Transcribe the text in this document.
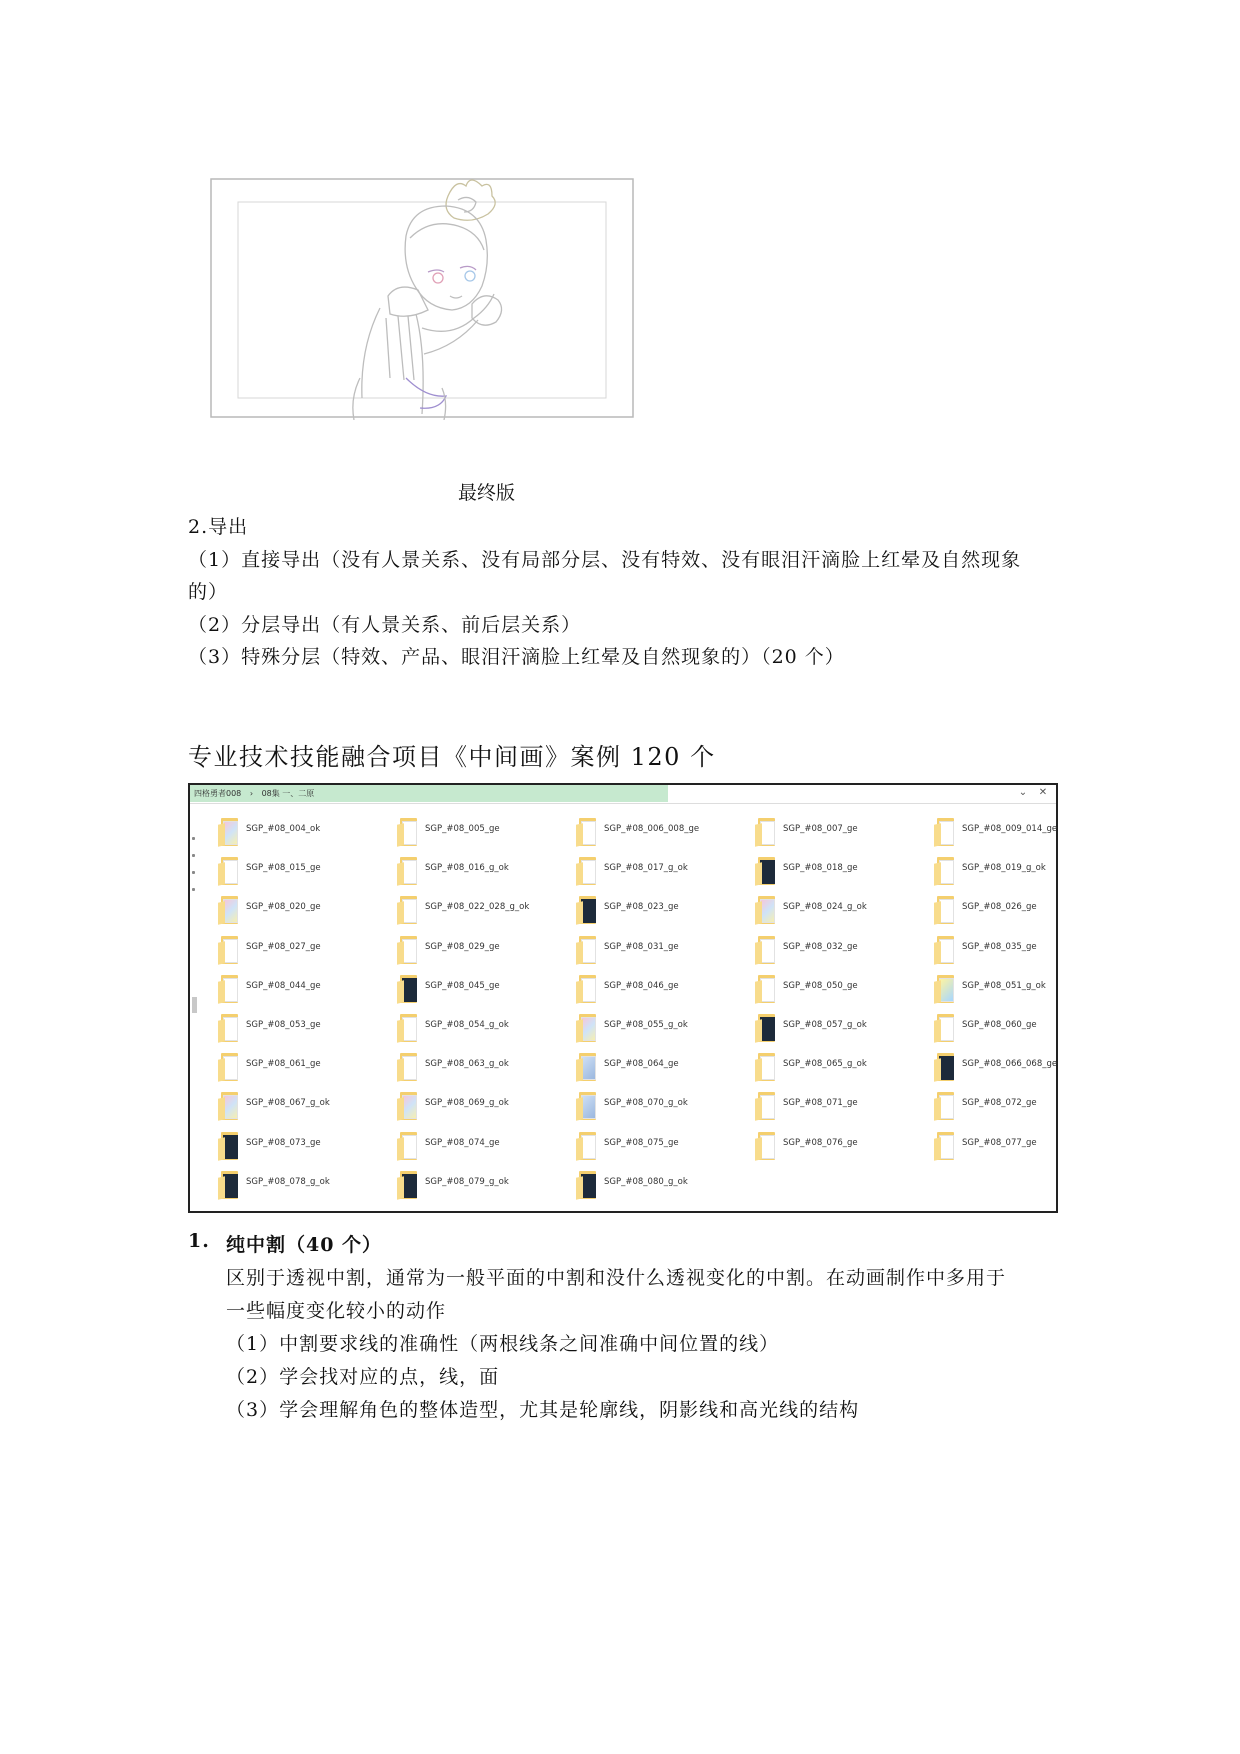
最终版
2.导出
（1）直接导出（没有人景关系、没有局部分层、没有特效、没有眼泪汗滴脸上红晕及自然现象
的）
（2）分层导出（有人景关系、前后层关系）
（3）特殊分层（特效、产品、眼泪汗滴脸上红晕及自然现象的）（20 个）
专业技术技能融合项目《中间画》案例 120 个
四格勇者008 › 08集 一、二原	⌄ ✕
SGP_#08_004_ok	SGP_#08_005_ge	SGP_#08_006_008_ge	SGP_#08_007_ge	SGP_#08_009_014_ge
SGP_#08_015_ge	SGP_#08_016_g_ok	SGP_#08_017_g_ok	SGP_#08_018_ge	SGP_#08_019_g_ok
SGP_#08_020_ge	SGP_#08_022_028_g_ok	SGP_#08_023_ge	SGP_#08_024_g_ok	SGP_#08_026_ge
SGP_#08_027_ge	SGP_#08_029_ge	SGP_#08_031_ge	SGP_#08_032_ge	SGP_#08_035_ge
SGP_#08_044_ge	SGP_#08_045_ge	SGP_#08_046_ge	SGP_#08_050_ge	SGP_#08_051_g_ok
SGP_#08_053_ge	SGP_#08_054_g_ok	SGP_#08_055_g_ok	SGP_#08_057_g_ok	SGP_#08_060_ge
SGP_#08_061_ge	SGP_#08_063_g_ok	SGP_#08_064_ge	SGP_#08_065_g_ok	SGP_#08_066_068_ge
SGP_#08_067_g_ok	SGP_#08_069_g_ok	SGP_#08_070_g_ok	SGP_#08_071_ge	SGP_#08_072_ge
SGP_#08_073_ge	SGP_#08_074_ge	SGP_#08_075_ge	SGP_#08_076_ge	SGP_#08_077_ge
SGP_#08_078_g_ok	SGP_#08_079_g_ok	SGP_#08_080_g_ok
1. 纯中割（40 个）
区别于透视中割，通常为一般平面的中割和没什么透视变化的中割。在动画制作中多用于
一些幅度变化较小的动作
（1）中割要求线的准确性（两根线条之间准确中间位置的线）
（2）学会找对应的点，线，面
（3）学会理解角色的整体造型，尤其是轮廓线，阴影线和高光线的结构
